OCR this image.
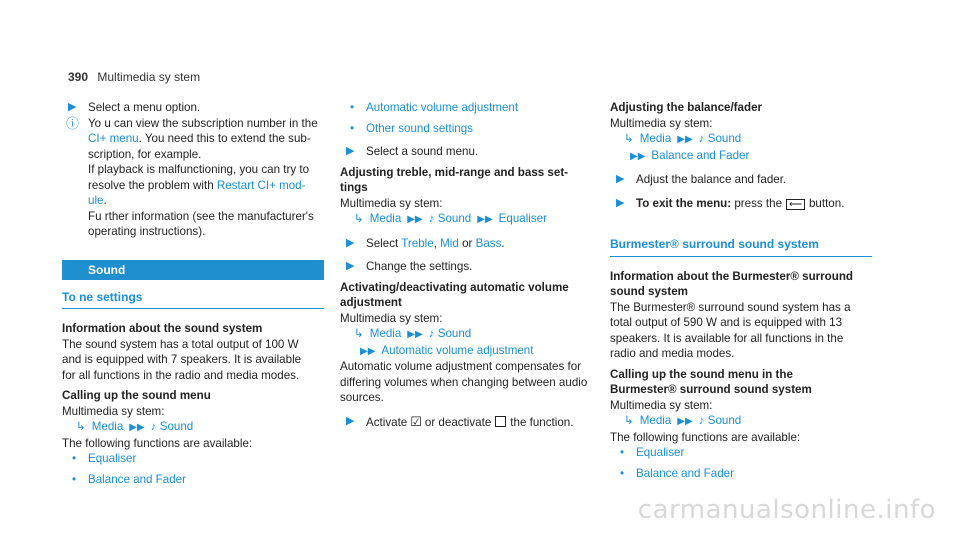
390 Multimedia sy stem
▶ Select a menu option.
ⓘ Yo u can view the subscription number in the

CI+ menu. You need this to extend the sub-

scription, for example.

If playback is malfunctioning, you can try to

resolve the problem with Restart CI+ mod-

ule.

Fu rther information (see the manufacturer's

operating instructions).

Sound
To ne settings

Information about the sound system

The sound system has a total output of 100 W

and is equipped with 7 speakers. It is available

for all functions in the radio and media modes.

Calling up the sound menu

Multimedia sy stem:

↳ Media ▶▶ ♪ Sound

The following functions are available:

• Equaliser
• Balance and Fader
• Automatic volume adjustment
• Other sound settings
▶ Select a sound menu.

Adjusting treble, mid-range and bass set-

tings

Multimedia sy stem:

↳ Media ▶▶ ♪ Sound ▶▶ Equaliser

▶ Select Treble, Mid or Bass.
▶ Change the settings.

Activating/deactivating automatic volume

adjustment

Multimedia sy stem:

↳ Media ▶▶ ♪ Sound

▶▶ Automatic volume adjustment

Automatic volume adjustment compensates for

differing volumes when changing between audio

sources.

▶ Activate ☑ or deactivate the function.

Adjusting the balance/fader

Multimedia sy stem:

↳ Media ▶▶ ♪ Sound

▶▶ Balance and Fader

▶ Adjust the balance and fader.
▶ To exit the menu: press the ⟵ button.
Burmester® surround sound system

Information about the Burmester® surround

sound system

The Burmester® surround sound system has a

total output of 590 W and is equipped with 13

speakers. It is available for all functions in the

radio and media modes.

Calling up the sound menu in the

Burmester® surround sound system

Multimedia sy stem:

↳ Media ▶▶ ♪ Sound

The following functions are available:

• Equaliser
• Balance and Fader
carmanualsonline.info
